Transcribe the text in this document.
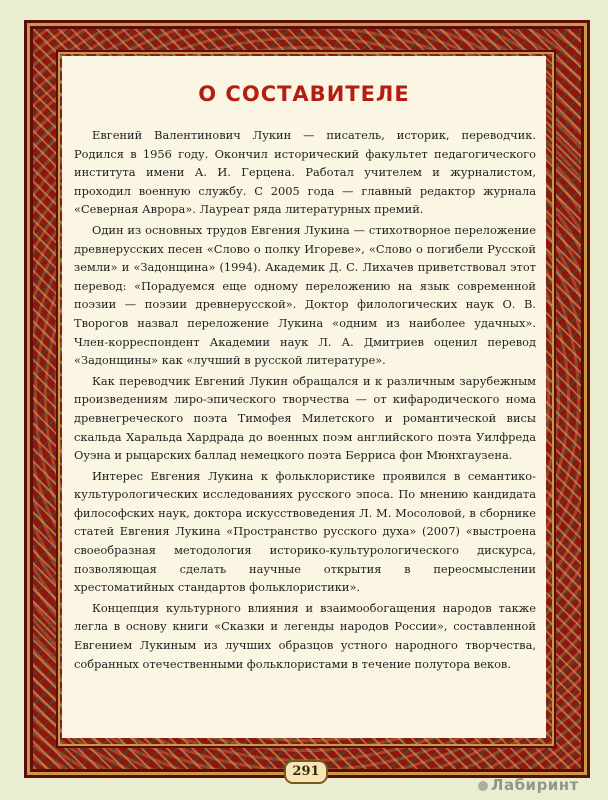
О СОСТАВИТЕЛЕ

Евгений Валентинович Лукин — писатель, историк, переводчик. Родился в 1956 году. Окончил исторический факультет педагогического института имени А. И. Герцена. Работал учителем и журналистом, проходил военную службу. С 2005 года — главный редактор журнала «Северная Аврора». Лауреат ряда литературных премий.

Один из основных трудов Евгения Лукина — стихотворное переложение древнерусских песен «Слово о полку Игореве», «Слово о погибели Русской земли» и «Задонщина» (1994). Академик Д. С. Лихачев приветствовал этот перевод: «Порадуемся еще одному переложению на язык современной поэзии — поэзии древнерусской». Доктор филологических наук О. В. Творогов назвал переложение Лукина «одним из наиболее удачных». Член-корреспондент Академии наук Л. А. Дмитриев оценил перевод «Задонщины» как «лучший в русской литературе».

Как переводчик Евгений Лукин обращался и к различным зарубежным произведениям лиро-эпического творчества — от кифародического нома древнегреческого поэта Тимофея Милетского и романтической висы скальда Харальда Хардрада до военных поэм английского поэта Уилфреда Оуэна и рыцарских баллад немецкого поэта Берриса фон Мюнхгаузена.

Интерес Евгения Лукина к фольклористике проявился в семантико-культурологических исследованиях русского эпоса. По мнению кандидата философских наук, доктора искусствоведения Л. М. Мосоловой, в сборнике статей Евгения Лукина «Пространство русского духа» (2007) «выстроена своеобразная методология историко-культурологического дискурса, позволяющая сделать научные открытия в переосмыслении хрестоматийных стандартов фольклористики».

Концепция культурного влияния и взаимообогащения народов также легла в основу книги «Сказки и легенды народов России», составленной Евгением Лукиным из лучших образцов устного народного творчества, собранных отечественными фольклористами в течение полутора веков.

291
Лабиринт
